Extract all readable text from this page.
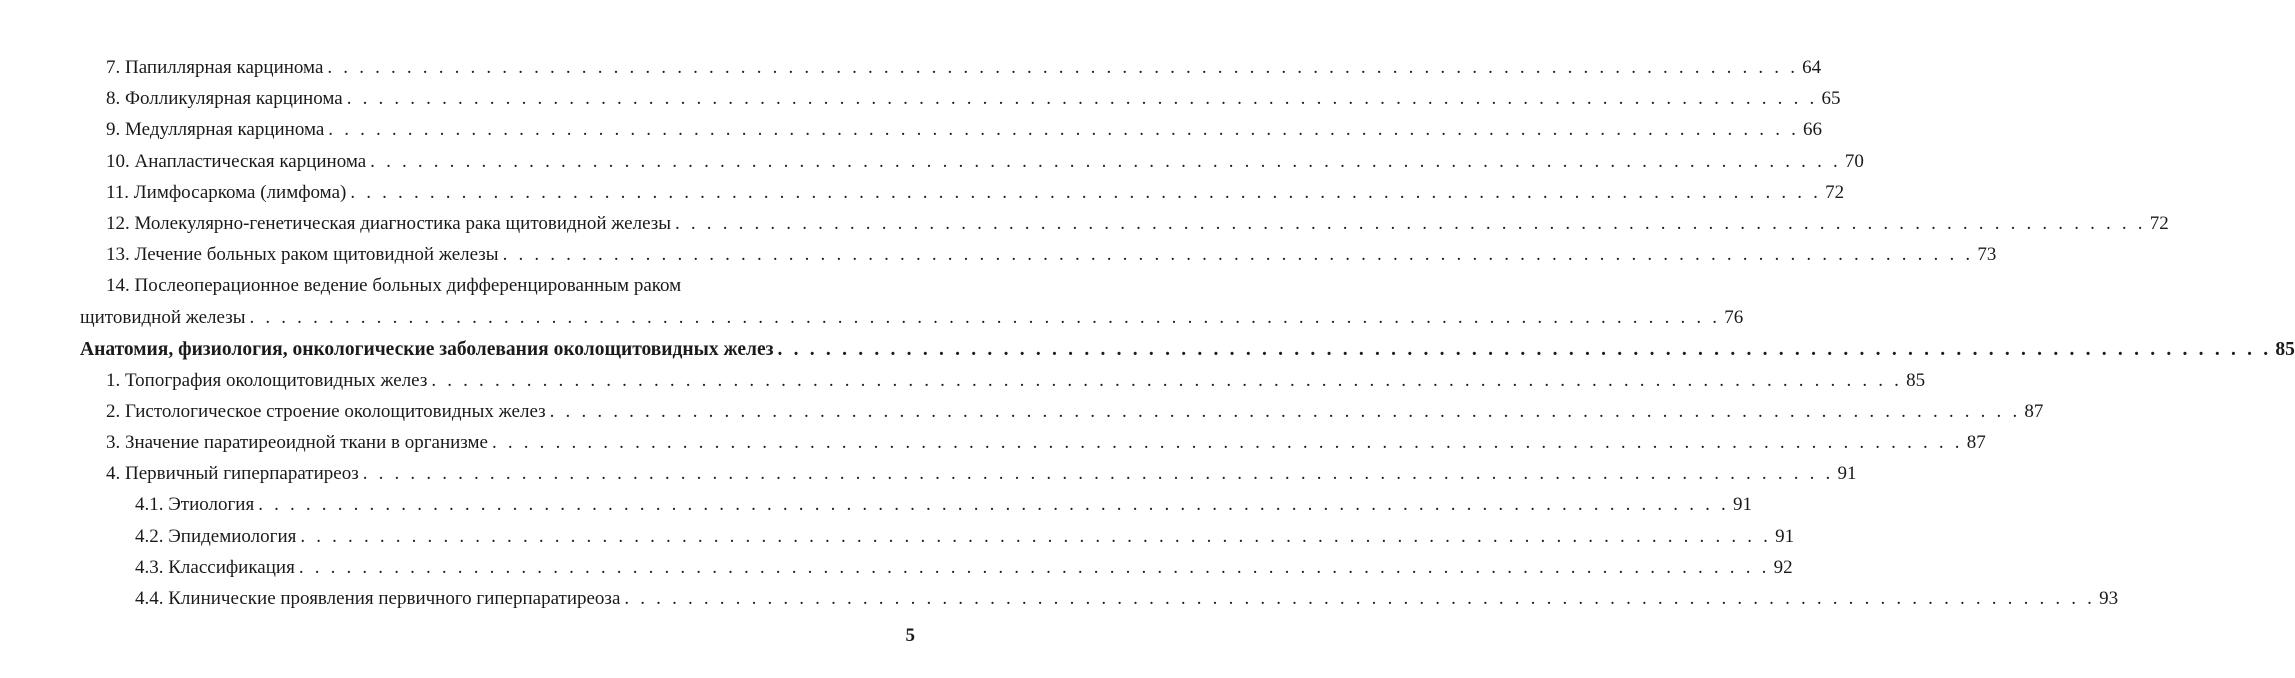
7. Папиллярная карцинома . . . . . . . . . . . . . . . . . . . . . . . . . . . . . . . . . . . . . . . . . . . . . . . . . . . . . . . . . . . . . . . . . . . . . . . . . . . . . . . . . . . . . . . . . . . . . 64
8. Фолликулярная карцинома . . . . . . . . . . . . . . . . . . . . . . . . . . . . . . . . . . . . . . . . . . . . . . . . . . . . . . . . . . . . . . . . . . . . . . . . . . . . . . . . . . . . . . . . . . . . . 65
9. Медуллярная карцинома . . . . . . . . . . . . . . . . . . . . . . . . . . . . . . . . . . . . . . . . . . . . . . . . . . . . . . . . . . . . . . . . . . . . . . . . . . . . . . . . . . . . . . . . . . . . . 66
10. Анапластическая карцинома . . . . . . . . . . . . . . . . . . . . . . . . . . . . . . . . . . . . . . . . . . . . . . . . . . . . . . . . . . . . . . . . . . . . . . . . . . . . . . . . . . . . . . . . . . . . . 70
11. Лимфосаркома (лимфома) . . . . . . . . . . . . . . . . . . . . . . . . . . . . . . . . . . . . . . . . . . . . . . . . . . . . . . . . . . . . . . . . . . . . . . . . . . . . . . . . . . . . . . . . . . . . . 72
12. Молекулярно-генетическая диагностика рака щитовидной железы . . . . . . . . . . . . . . . . . . . . . . . . . . . . . . . . . . . . . . . . . . . . . . . . . . . . . . . . . . . . . . . . . . . . . . . . . . . . . . . . . . . . . . . . . . . . . 72
13. Лечение больных раком щитовидной железы . . . . . . . . . . . . . . . . . . . . . . . . . . . . . . . . . . . . . . . . . . . . . . . . . . . . . . . . . . . . . . . . . . . . . . . . . . . . . . . . . . . . . . . . . . . . . 73
14. Послеоперационное ведение больных дифференцированным раком
щитовидной железы . . . . . . . . . . . . . . . . . . . . . . . . . . . . . . . . . . . . . . . . . . . . . . . . . . . . . . . . . . . . . . . . . . . . . . . . . . . . . . . . . . . . . . . . . . . . . 76
Анатомия, физиология, онкологические заболевания околощитовидных желез . . . . . . . . . . . . . . . . . . . . . . . . . . . . . . . . . . . . . . . . . . . . . . . . . . . . . . . . . . . . . . . . . . . . . . . . . . . . . . . . . . . . . . . . . . . . . 85
1. Топография околощитовидных желез . . . . . . . . . . . . . . . . . . . . . . . . . . . . . . . . . . . . . . . . . . . . . . . . . . . . . . . . . . . . . . . . . . . . . . . . . . . . . . . . . . . . . . . . . . . . . 85
2. Гистологическое строение околощитовидных желез . . . . . . . . . . . . . . . . . . . . . . . . . . . . . . . . . . . . . . . . . . . . . . . . . . . . . . . . . . . . . . . . . . . . . . . . . . . . . . . . . . . . . . . . . . . . . 87
3. Значение паратиреоидной ткани в организме . . . . . . . . . . . . . . . . . . . . . . . . . . . . . . . . . . . . . . . . . . . . . . . . . . . . . . . . . . . . . . . . . . . . . . . . . . . . . . . . . . . . . . . . . . . . . 87
4. Первичный гиперпаратиреоз . . . . . . . . . . . . . . . . . . . . . . . . . . . . . . . . . . . . . . . . . . . . . . . . . . . . . . . . . . . . . . . . . . . . . . . . . . . . . . . . . . . . . . . . . . . . . 91
4.1. Этиология . . . . . . . . . . . . . . . . . . . . . . . . . . . . . . . . . . . . . . . . . . . . . . . . . . . . . . . . . . . . . . . . . . . . . . . . . . . . . . . . . . . . . . . . . . . . . 91
4.2. Эпидемиология . . . . . . . . . . . . . . . . . . . . . . . . . . . . . . . . . . . . . . . . . . . . . . . . . . . . . . . . . . . . . . . . . . . . . . . . . . . . . . . . . . . . . . . . . . . . . 91
4.3. Классификация . . . . . . . . . . . . . . . . . . . . . . . . . . . . . . . . . . . . . . . . . . . . . . . . . . . . . . . . . . . . . . . . . . . . . . . . . . . . . . . . . . . . . . . . . . . . . 92
4.4. Клинические проявления первичного гиперпаратиреоза . . . . . . . . . . . . . . . . . . . . . . . . . . . . . . . . . . . . . . . . . . . . . . . . . . . . . . . . . . . . . . . . . . . . . . . . . . . . . . . . . . . . . . . . . . . . . 93
5
